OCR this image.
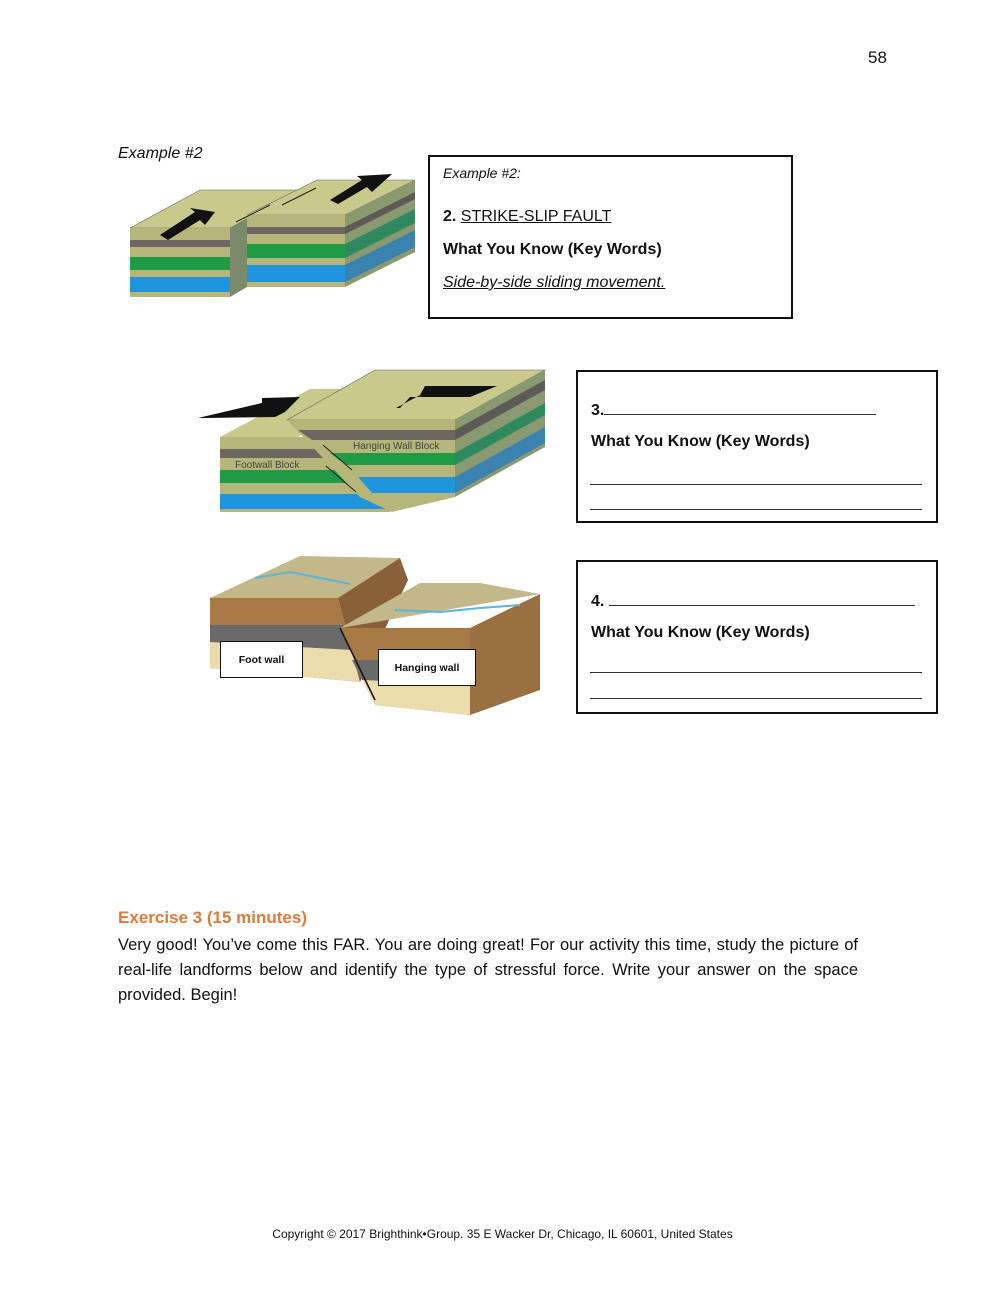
58
Example #2
Hanging Wall Block
Footwall Block
Foot wall
Hanging wall
Example #2:
2. STRIKE-SLIP FAULT
What You Know (Key Words)
Side-by-side sliding movement.
3.
What You Know (Key Words)
4.
What You Know (Key Words)
Exercise 3 (15 minutes)
Very good! You’ve come this FAR. You are doing great! For our activity this time, study the picture of real-life landforms below and identify the type of stressful force. Write your answer on the space provided. Begin!
Copyright © 2017 Brighthink•Group. 35 E Wacker Dr, Chicago, IL 60601, United States
